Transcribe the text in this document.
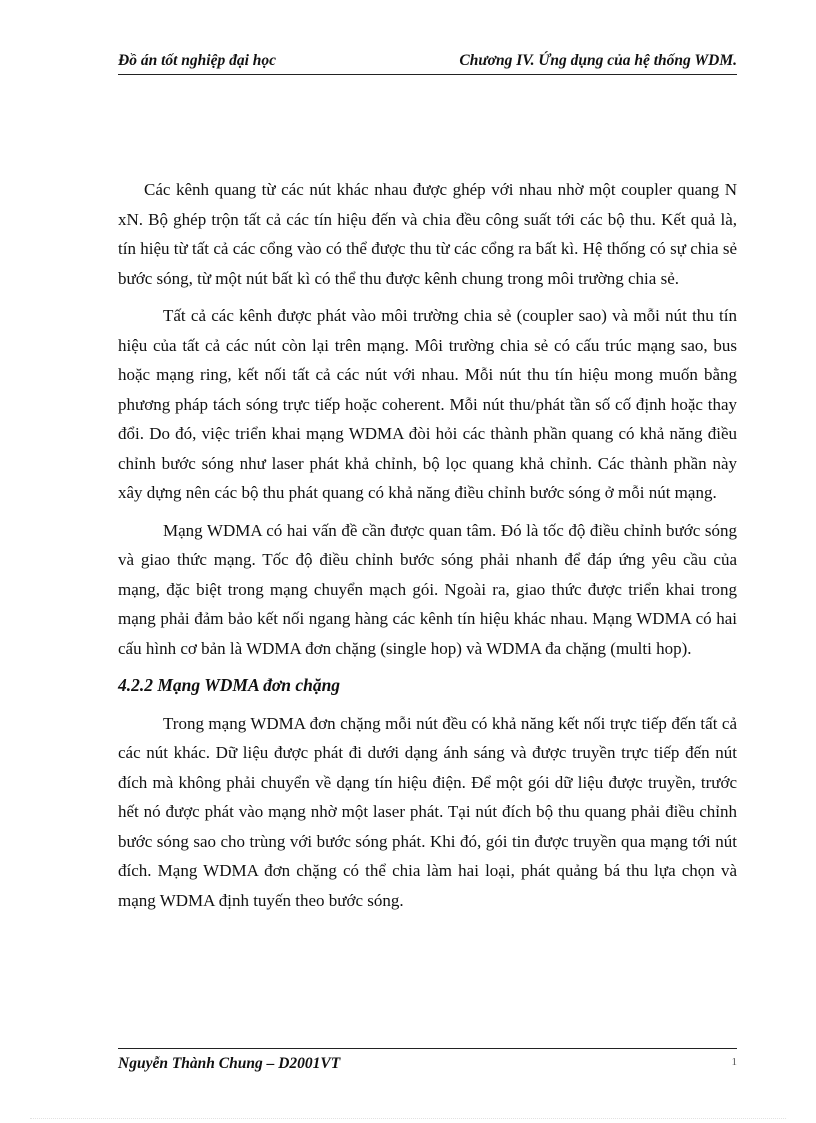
Đồ án tốt nghiệp đại học	Chương IV. Ứng dụng của hệ thống WDM.

Các kênh quang từ các nút khác nhau được ghép với nhau nhờ một coupler quang N xN. Bộ ghép trộn tất cả các tín hiệu đến và chia đều công suất tới các bộ thu. Kết quả là, tín hiệu từ tất cả các cổng vào có thể được thu từ các cổng ra bất kì. Hệ thống có sự chia sẻ bước sóng, từ một nút bất kì có thể thu được kênh chung trong môi trường chia sẻ.

Tất cả các kênh được phát vào môi trường chia sẻ (coupler sao) và mỗi nút thu tín hiệu của tất cả các nút còn lại trên mạng. Môi trường chia sẻ có cấu trúc mạng sao, bus hoặc mạng ring, kết nối tất cả các nút với nhau. Mỗi nút thu tín hiệu mong muốn bằng phương pháp tách sóng trực tiếp hoặc coherent. Mỗi nút thu/phát tần số cố định hoặc thay đổi. Do đó, việc triển khai mạng WDMA đòi hỏi các thành phần quang có khả năng điều chỉnh bước sóng như laser phát khả chỉnh, bộ lọc quang khả chỉnh. Các thành phần này xây dựng nên các bộ thu phát quang có khả năng điều chỉnh bước sóng ở mỗi nút mạng.

Mạng WDMA có hai vấn đề cần được quan tâm. Đó là tốc độ điều chỉnh bước sóng và giao thức mạng. Tốc độ điều chỉnh bước sóng phải nhanh để đáp ứng yêu cầu của mạng, đặc biệt trong mạng chuyển mạch gói. Ngoài ra, giao thức được triển khai trong mạng phải đảm bảo kết nối ngang hàng các kênh tín hiệu khác nhau. Mạng WDMA có hai cấu hình cơ bản là WDMA đơn chặng (single hop) và WDMA đa chặng (multi hop).

4.2.2 Mạng WDMA đơn chặng

Trong mạng WDMA đơn chặng mỗi nút đều có khả năng kết nối trực tiếp đến tất cả các nút khác. Dữ liệu được phát đi dưới dạng ánh sáng và được truyền trực tiếp đến nút đích mà không phải chuyển về dạng tín hiệu điện. Để một gói dữ liệu được truyền, trước hết nó được phát vào mạng nhờ một laser phát. Tại nút đích bộ thu quang phải điều chỉnh bước sóng sao cho trùng với bước sóng phát. Khi đó, gói tin được truyền qua mạng tới nút đích. Mạng WDMA đơn chặng có thể chia làm hai loại, phát quảng bá thu lựa chọn và mạng WDMA định tuyến theo bước sóng.

Nguyễn Thành Chung – D2001VT	1
